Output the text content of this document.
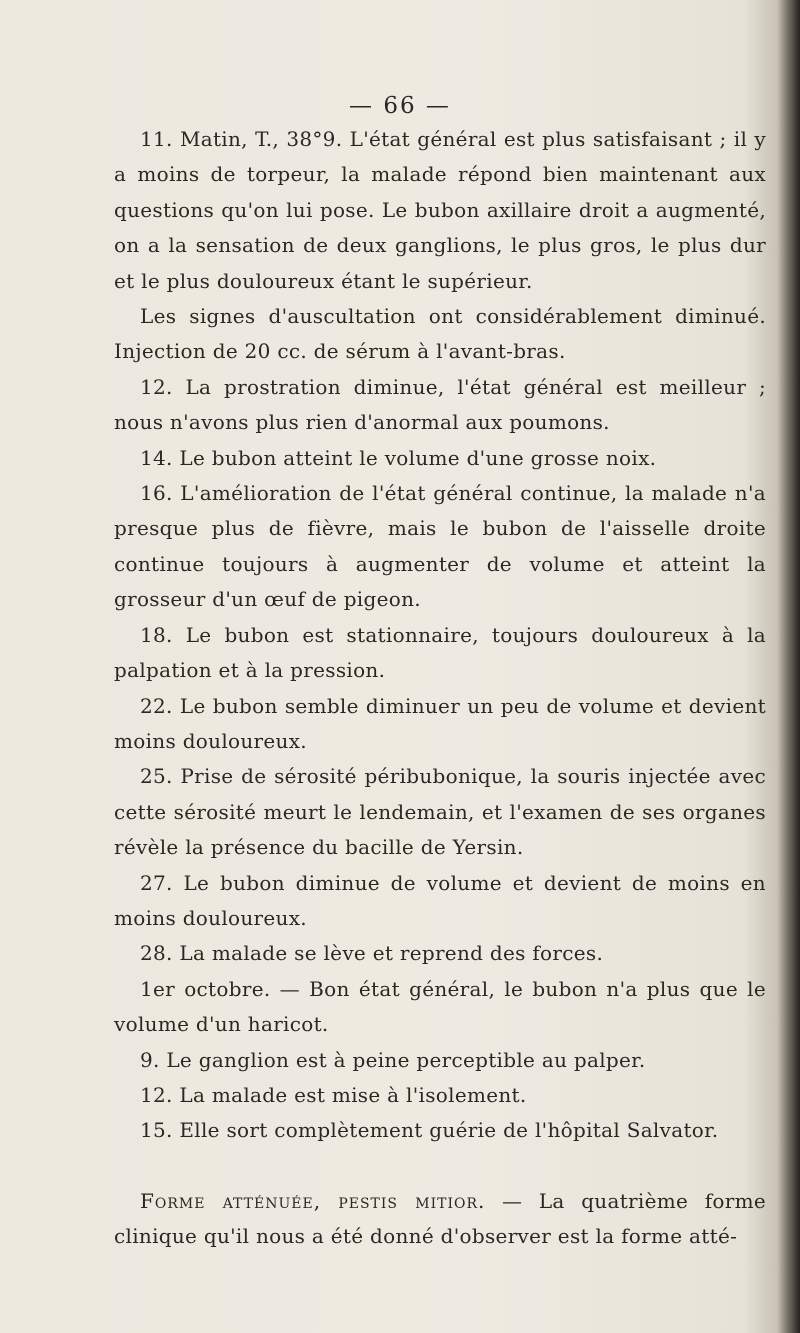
— 66 —

11. Matin, T., 38°9. L'état général est plus satisfaisant ; il y a moins de torpeur, la malade répond bien maintenant aux questions qu'on lui pose. Le bubon axillaire droit a augmenté, on a la sensation de deux ganglions, le plus gros, le plus dur et le plus douloureux étant le supérieur.

Les signes d'auscultation ont considérablement diminué. Injection de 20 cc. de sérum à l'avant-bras.

12. La prostration diminue, l'état général est meilleur ; nous n'avons plus rien d'anormal aux poumons.

14. Le bubon atteint le volume d'une grosse noix.

16. L'amélioration de l'état général continue, la malade n'a presque plus de fièvre, mais le bubon de l'aisselle droite continue toujours à augmenter de volume et atteint la grosseur d'un œuf de pigeon.

18. Le bubon est stationnaire, toujours douloureux à la palpation et à la pression.

22. Le bubon semble diminuer un peu de volume et devient moins douloureux.

25. Prise de sérosité péribubonique, la souris injectée avec cette sérosité meurt le lendemain, et l'examen de ses organes révèle la présence du bacille de Yersin.

27. Le bubon diminue de volume et devient de moins en moins douloureux.

28. La malade se lève et reprend des forces.

1er octobre. — Bon état général, le bubon n'a plus que le volume d'un haricot.

9. Le ganglion est à peine perceptible au palper.

12. La malade est mise à l'isolement.

15. Elle sort complètement guérie de l'hôpital Salvator.

Forme atténuée, pestis mitior. — La quatrième forme clinique qu'il nous a été donné d'observer est la forme atté-
